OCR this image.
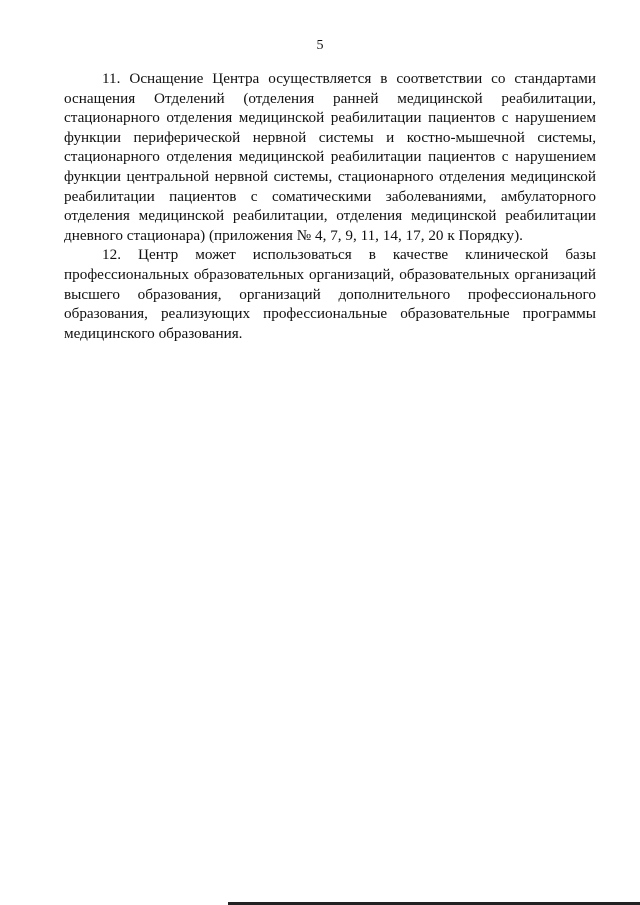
5

11. Оснащение Центра осуществляется в соответствии со стандартами оснащения Отделений (отделения ранней медицинской реабилитации, стационарного отделения медицинской реабилитации пациентов с нарушением функции периферической нервной системы и костно-мышечной системы, стационарного отделения медицинской реабилитации пациентов с нарушением функции центральной нервной системы, стационарного отделения медицинской реабилитации пациентов с соматическими заболеваниями, амбулаторного отделения медицинской реабилитации, отделения медицинской реабилитации дневного стационара) (приложения № 4, 7, 9, 11, 14, 17, 20 к Порядку).

12. Центр может использоваться в качестве клинической базы профессиональных образовательных организаций, образовательных организаций высшего образования, организаций дополнительного профессионального образования, реализующих профессиональные образовательные программы медицинского образования.
